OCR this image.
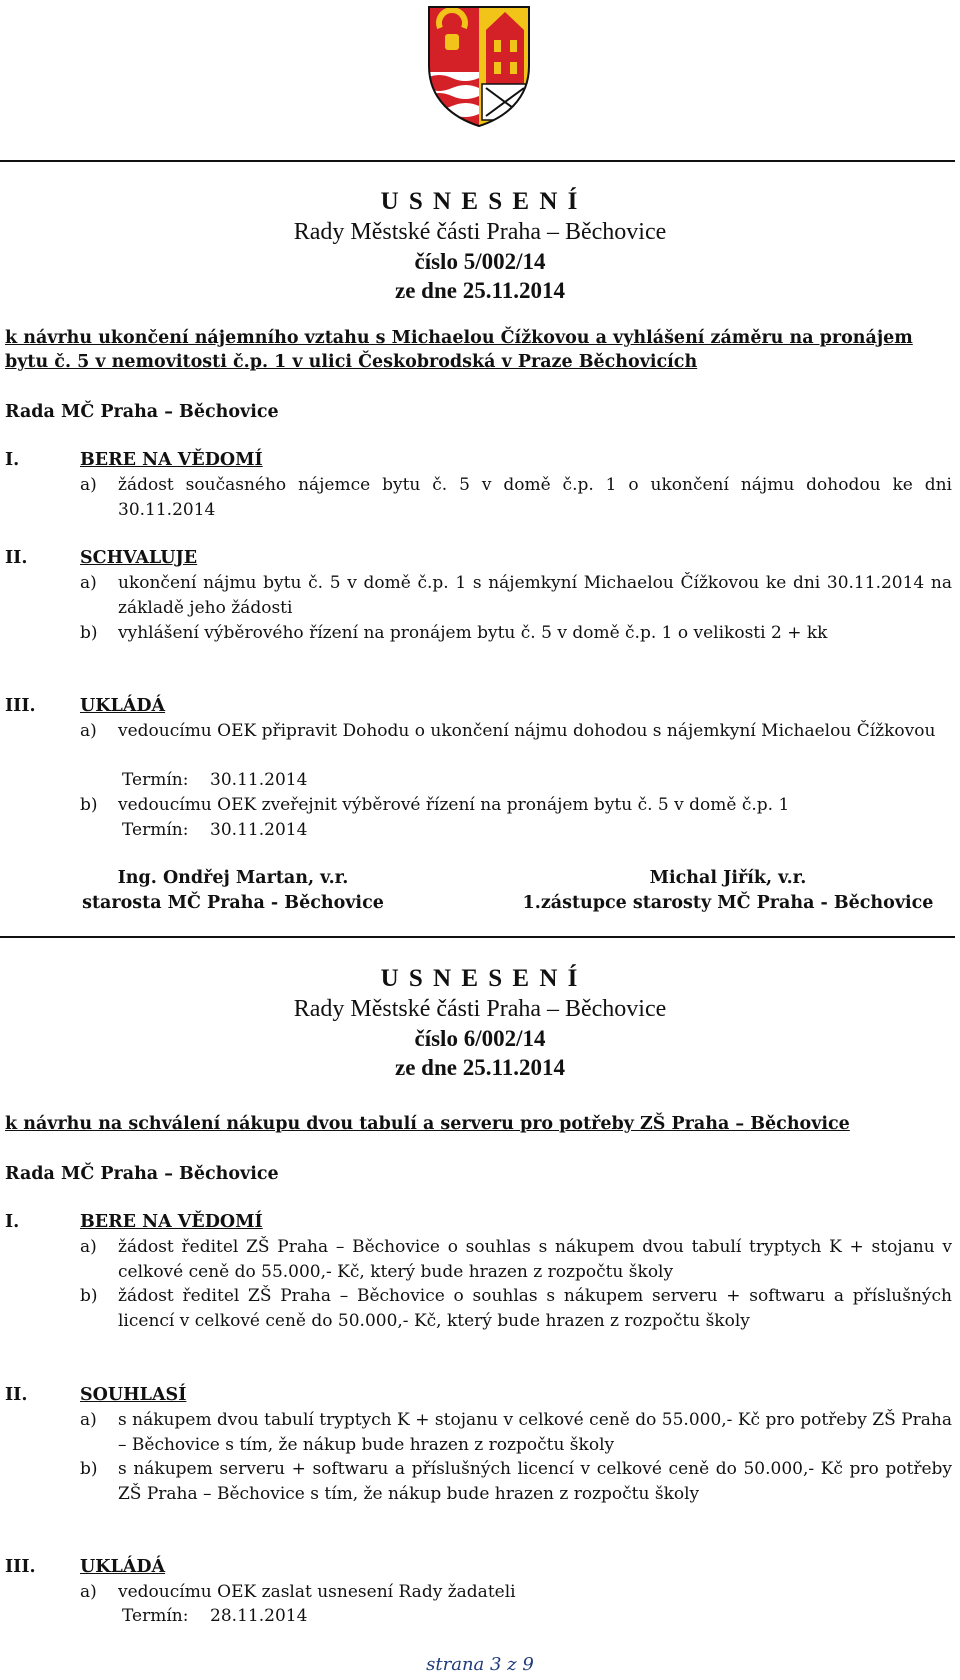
U S N E S E N Í
Rady Městské části Praha – Běchovice
číslo 5/002/14
ze dne 25.11.2014
k návrhu ukončení nájemního vztahu s Michaelou Čížkovou a vyhlášení záměru na pronájem bytu č. 5 v nemovitosti č.p. 1 v ulici Českobrodská v Praze Běchovicích
Rada MČ Praha – Běchovice
I.	BERE NA VĚDOMÍ
a) žádost současného nájemce bytu č. 5 v domě č.p. 1 o ukončení nájmu dohodou ke dni 30.11.2014
II.	SCHVALUJE
a) ukončení nájmu bytu č. 5 v domě č.p. 1 s nájemkyní Michaelou Čížkovou ke dni 30.11.2014 na základě jeho žádosti
b) vyhlášení výběrového řízení na pronájem bytu č. 5 v domě č.p. 1 o velikosti 2 + kk
III.	UKLÁDÁ
a) vedoucímu OEK připravit Dohodu o ukončení nájmu dohodou s nájemkyní Michaelou Čížkovou
Termín:    30.11.2014
b) vedoucímu OEK zveřejnit výběrové řízení na pronájem bytu č. 5 v domě č.p. 1
Termín:    30.11.2014
Ing. Ondřej Martan, v.r.
starosta MČ Praha - Běchovice
Michal Jiřík, v.r.
1.zástupce starosty MČ Praha - Běchovice
U S N E S E N Í
Rady Městské části Praha – Běchovice
číslo 6/002/14
ze dne 25.11.2014
k návrhu na schválení nákupu dvou tabulí a serveru pro potřeby ZŠ Praha – Běchovice
Rada MČ Praha – Běchovice
I.	BERE NA VĚDOMÍ
a) žádost ředitel ZŠ Praha – Běchovice o souhlas s nákupem dvou tabulí tryptych K + stojanu v celkové ceně do 55.000,- Kč, který bude hrazen z rozpočtu školy
b) žádost ředitel ZŠ Praha – Běchovice o souhlas s nákupem serveru + softwaru a příslušných licencí v celkové ceně do 50.000,- Kč, který bude hrazen z rozpočtu školy
II.	SOUHLASÍ
a) s nákupem dvou tabulí tryptych K + stojanu v celkové ceně do 55.000,- Kč pro potřeby ZŠ Praha – Běchovice s tím, že nákup bude hrazen z rozpočtu školy
b) s nákupem serveru + softwaru a příslušných licencí v celkové ceně do 50.000,- Kč pro potřeby ZŠ Praha – Běchovice s tím, že nákup bude hrazen z rozpočtu školy
III.	UKLÁDÁ
a) vedoucímu OEK zaslat usnesení Rady žadateli
Termín:    28.11.2014
strana 3 z 9
